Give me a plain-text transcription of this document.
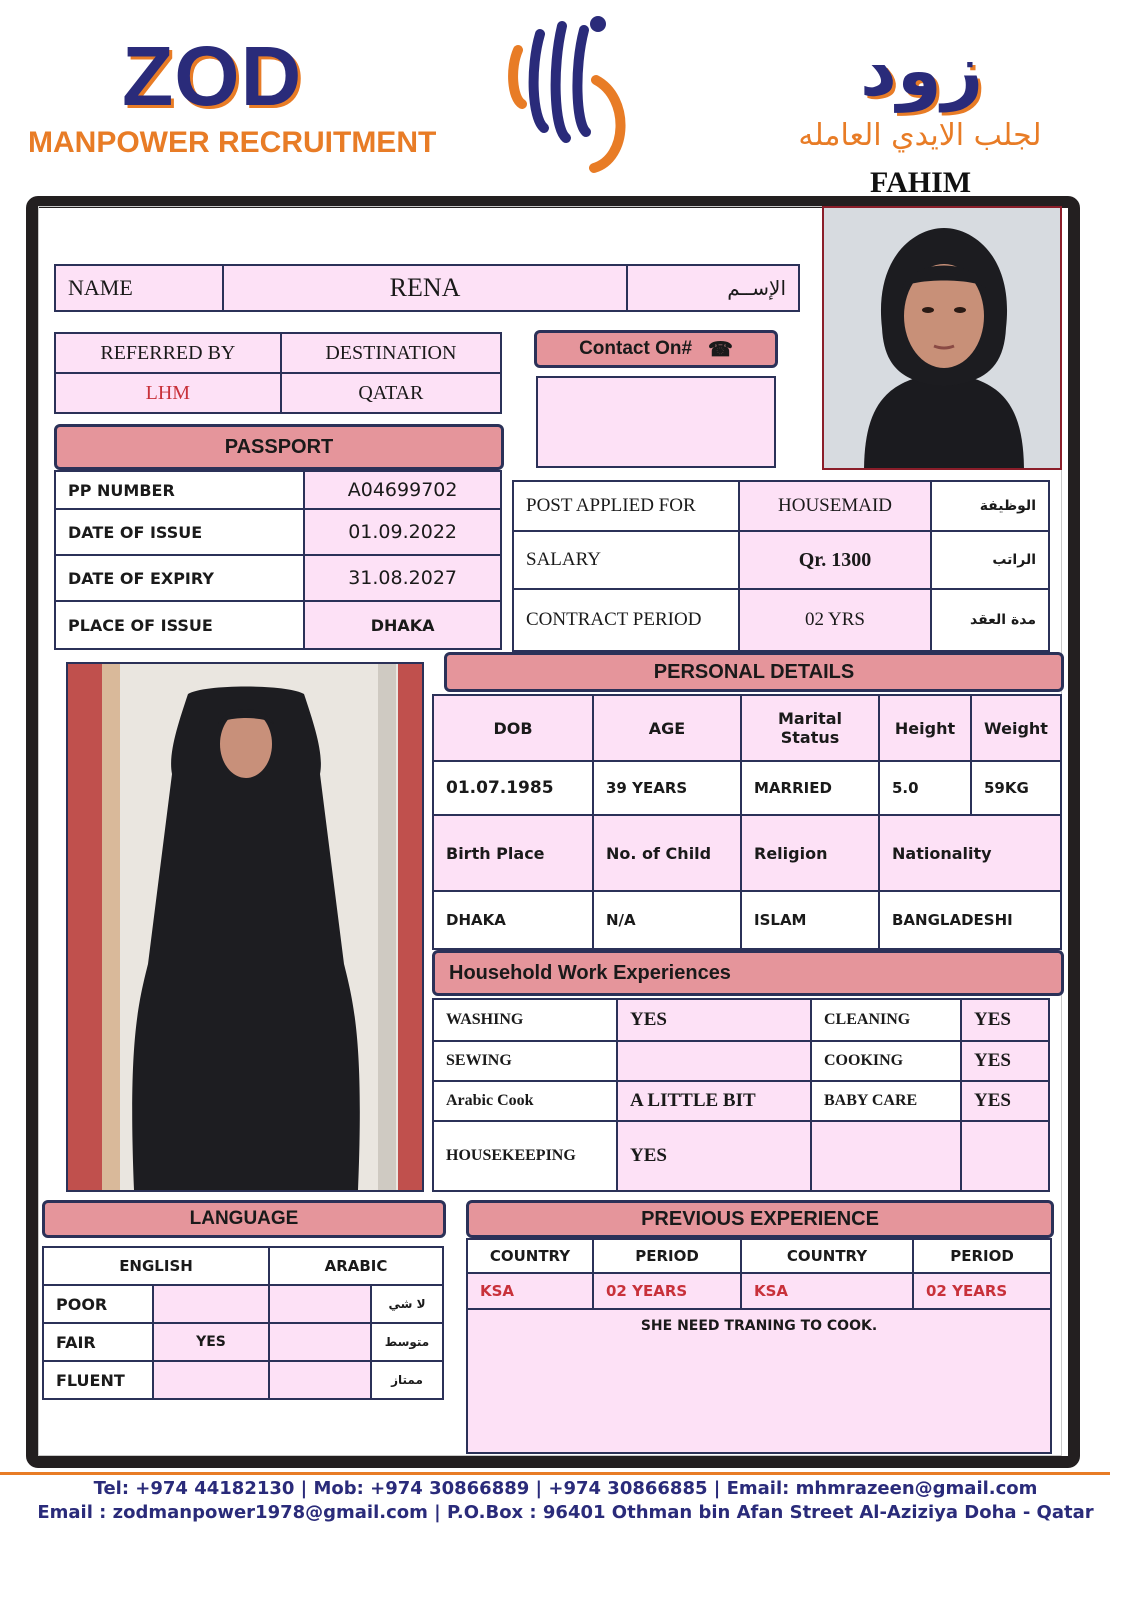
ZOD
MANPOWER RECRUITMENT
زود
لجلب الايدي العامله
FAHIM
NAME	RENA	الإســم
REFERRED BY	DESTINATION
LHM	QATAR
Contact On# ☎
PASSPORT
PP NUMBER	A04699702
DATE OF ISSUE	01.09.2022
DATE OF EXPIRY	31.08.2027
PLACE OF ISSUE	DHAKA
POST APPLIED FOR	HOUSEMAID	الوظيفة
SALARY	Qr. 1300	الراتب
CONTRACT PERIOD	02 YRS	مدة العقد
PERSONAL DETAILS
DOB	AGE	Marital Status	Height	Weight
01.07.1985	39 YEARS	MARRIED	5.0	59KG
Birth Place	No. of Child	Religion	Nationality	
DHAKA	N/A	ISLAM	BANGLADESHI	
Household Work Experiences
WASHING	YES	CLEANING	YES
SEWING		COOKING	YES
Arabic Cook	A LITTLE BIT	BABY CARE	YES
HOUSEKEEPING	YES		
LANGUAGE
ENGLISH		ARABIC	
POOR			لا شي
FAIR	YES		متوسط
FLUENT			ممتاز
PREVIOUS EXPERIENCE
COUNTRY	PERIOD	COUNTRY	PERIOD
KSA	02 YEARS	KSA	02 YEARS
SHE NEED TRANING TO COOK.			
Tel: +974 44182130 | Mob: +974 30866889 | +974 30866885 | Email: mhmrazeen@gmail.com
Email : zodmanpower1978@gmail.com | P.O.Box : 96401 Othman bin Afan Street Al-Aziziya Doha - Qatar
